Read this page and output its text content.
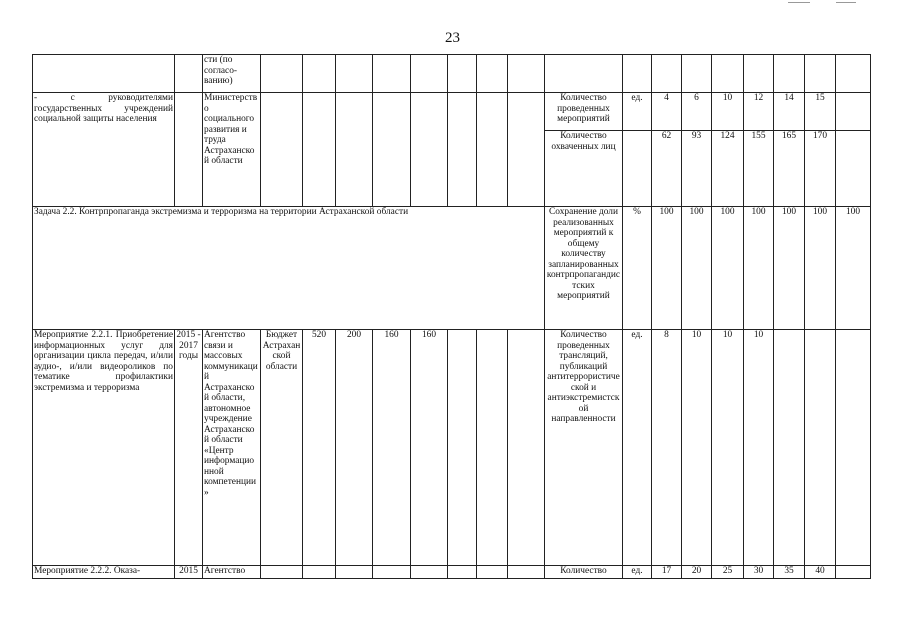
23
		сти (по согласо-ванию)																	
- с руководителями государственных учреждений социальной защиты населения		Министерство социального развития и труда Астраханской области									Количество проведенных мероприятий	ед.	4	6	10	12	14	15	
											Количество охваченных лиц		62	93	124	155	165	170	
Задача 2.2. Контрпропаганда экстремизма и терроризма на территории Астраханской области											Сохранение доли реализованных мероприятий к общему количеству запланированных контрпропагандистских мероприятий	%	100	100	100	100	100	100	100
Мероприятие 2.2.1. Приобретение информационных услуг для организации цикла передач, и/или аудио-, и/или видеороликов по тематике профилактики экстремизма и терроризма	2015 - 2017 годы	Агентство связи и массовых коммуникаций Астраханской области, автономное учреждение Астраханской области «Центр информационной компетенции»	Бюджет Астраханской области	520	200	160	160				Количество проведенных трансляций, публикаций антитеррористической и антиэкстремистской направленности	ед.	8	10	10	10			
Мероприятие 2.2.2. Оказа-	2015	Агентство									Количество	ед.	17	20	25	30	35	40	
